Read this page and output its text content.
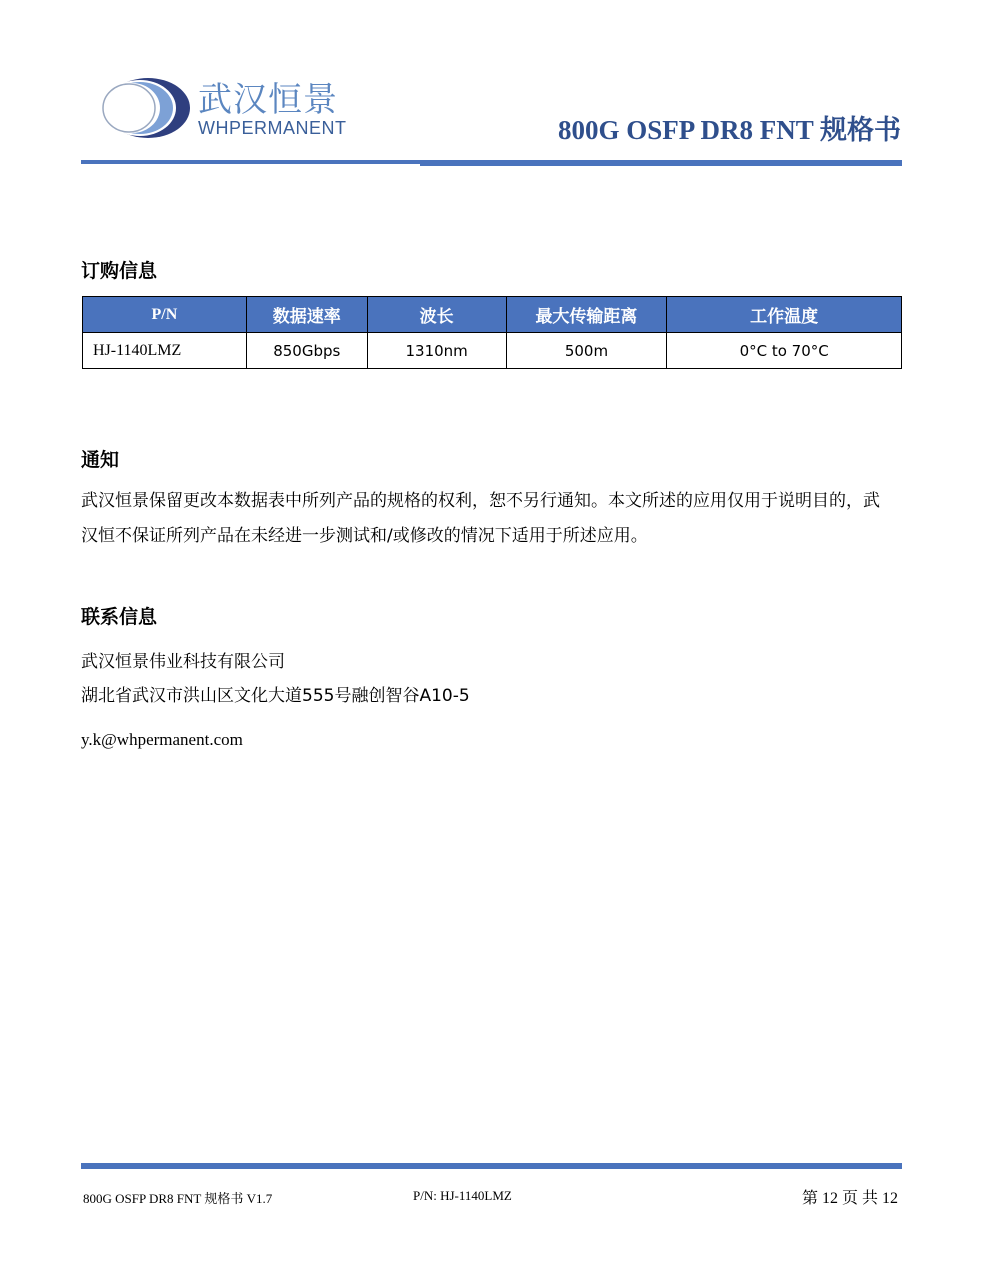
武汉恒景
WHPERMANENT	800G OSFP DR8 FNT 规格书
订购信息
P/N	数据速率	波长	最大传输距离	工作温度
HJ-1140LMZ	850Gbps	1310nm	500m	0°C to 70°C
通知
武汉恒景保留更改本数据表中所列产品的规格的权利，恕不另行通知。本文所述的应用仅用于说明目的，武汉恒不保证所列产品在未经进一步测试和/或修改的情况下适用于所述应用。
联系信息
武汉恒景伟业科技有限公司
湖北省武汉市洪山区文化大道555号融创智谷A10-5
y.k@whpermanent.com
800G OSFP DR8 FNT 规格书 V1.7	P/N: HJ-1140LMZ	第 12 页 共 12
